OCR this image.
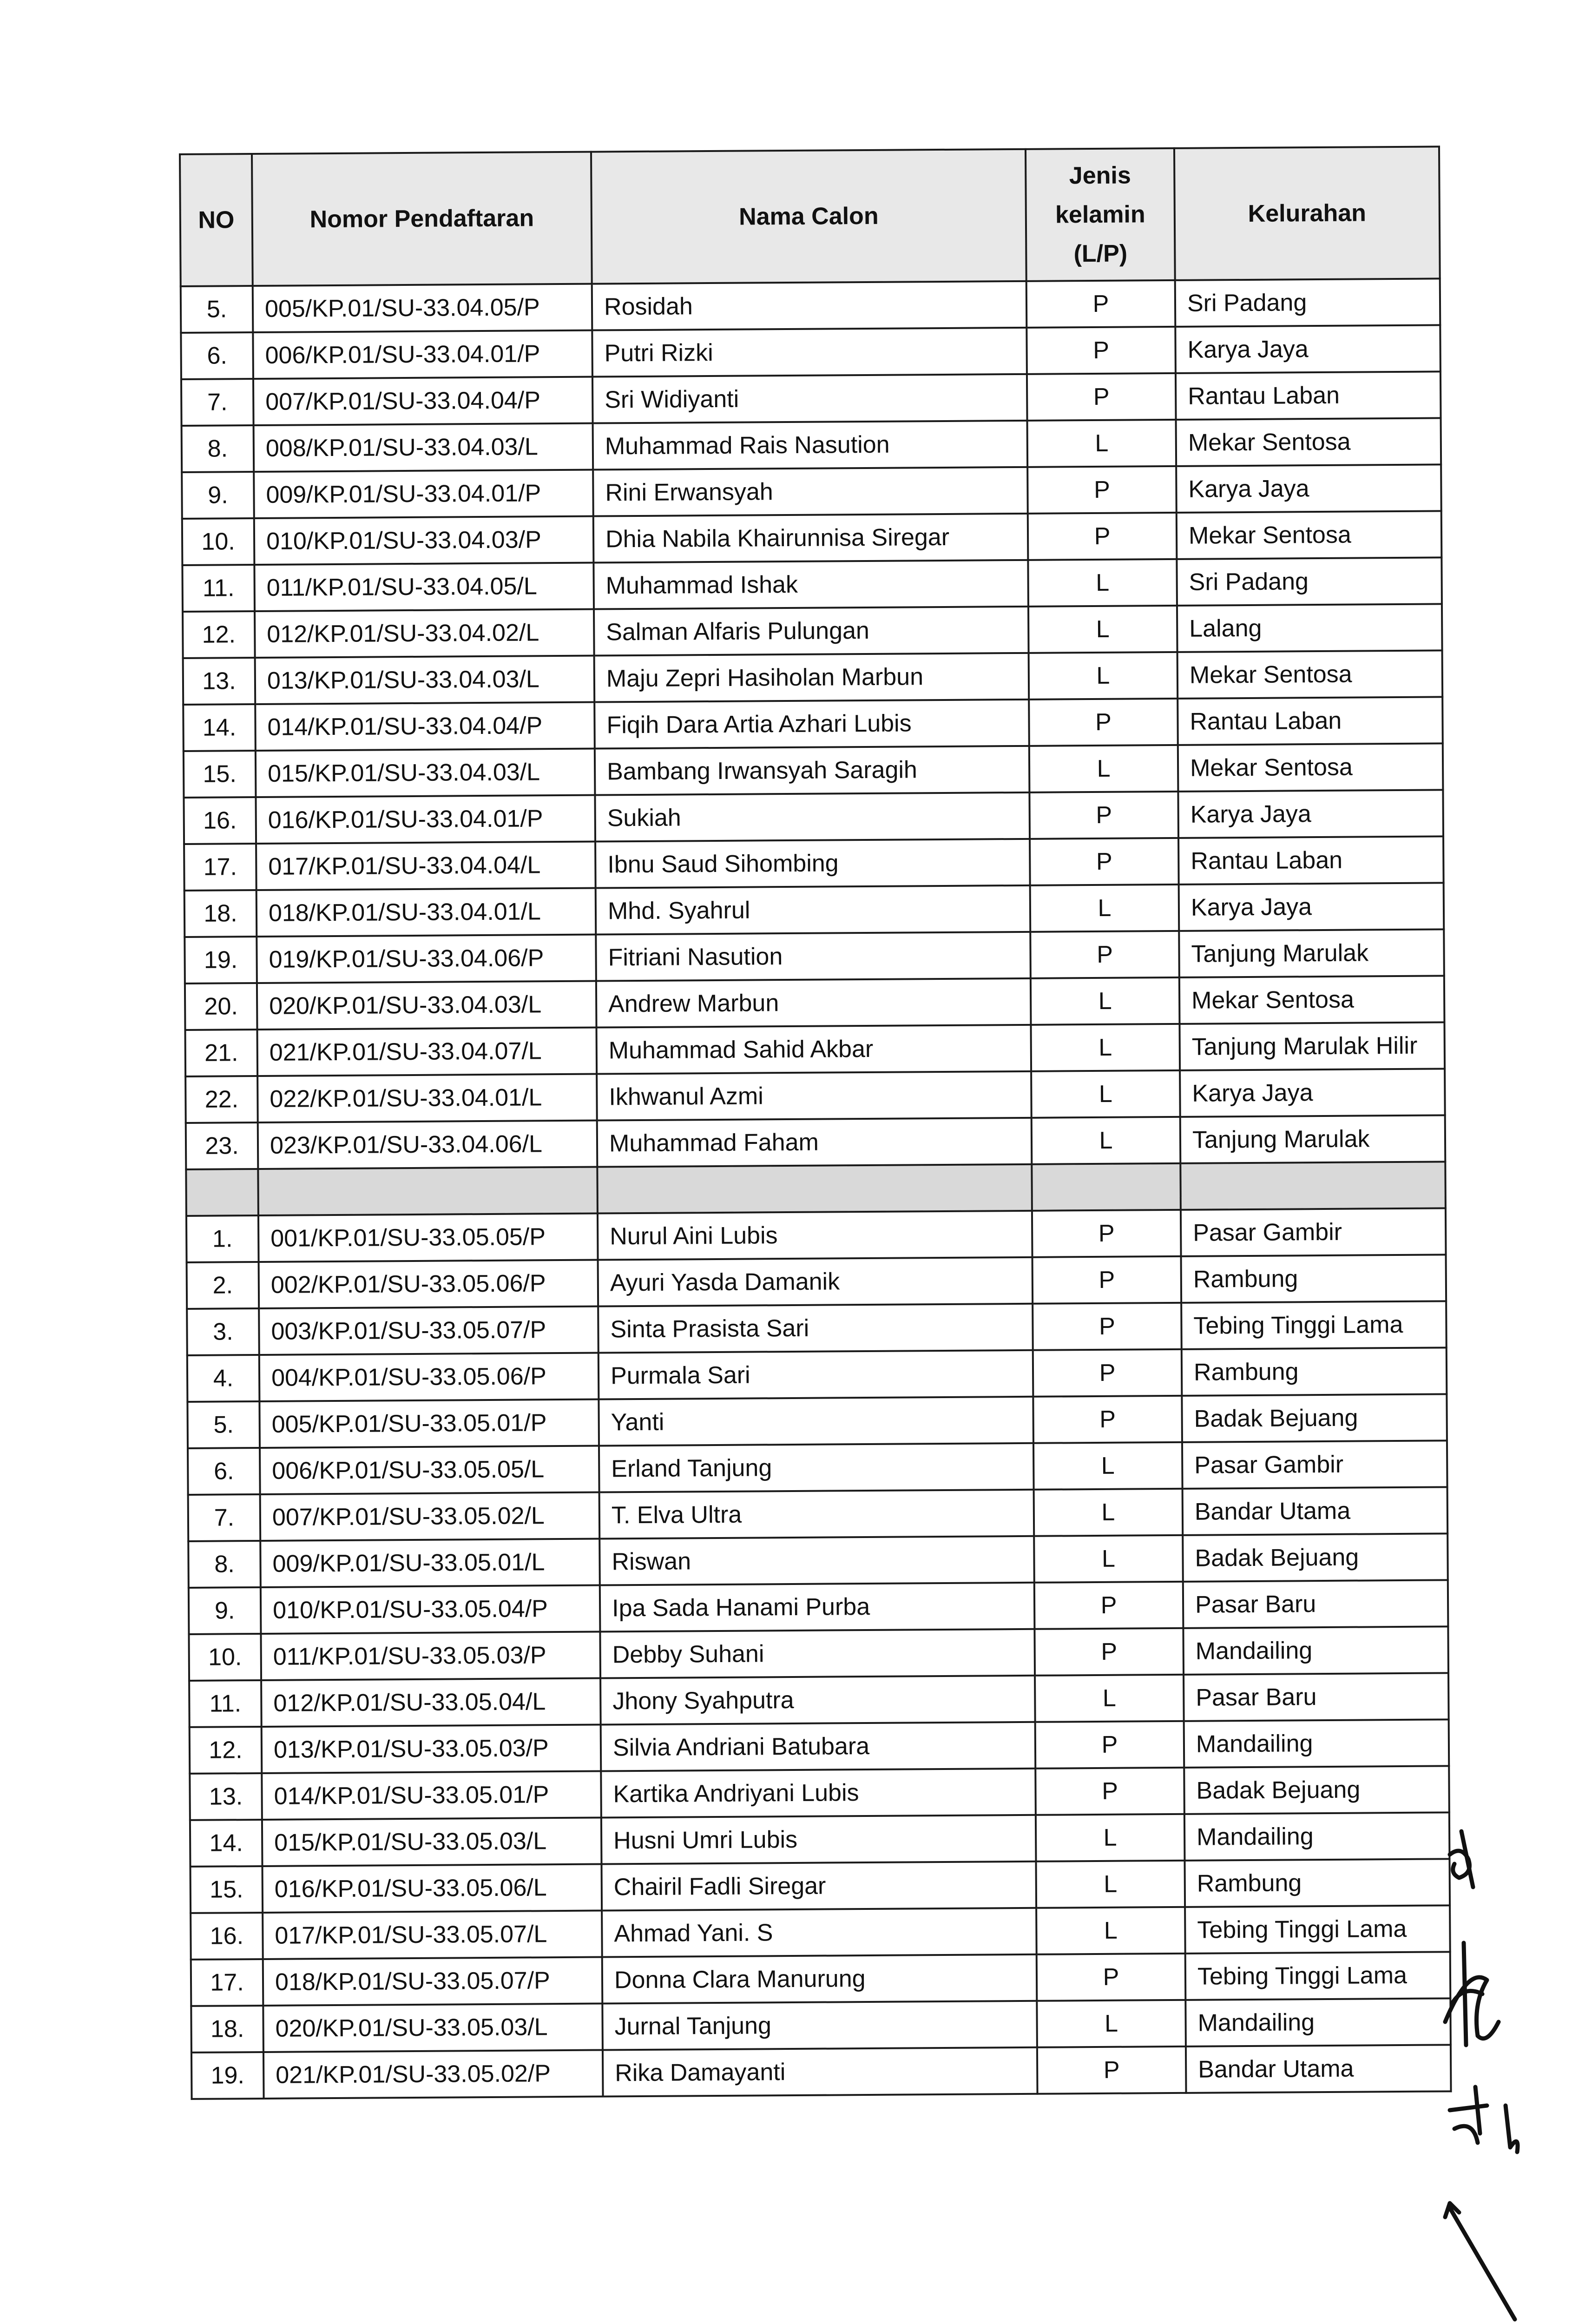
NO	Nomor Pendaftaran	Nama Calon	Jenis
kelamin
(L/P)	Kelurahan
5.	005/KP.01/SU-33.04.05/P	Rosidah	P	Sri Padang
6.	006/KP.01/SU-33.04.01/P	Putri Rizki	P	Karya Jaya
7.	007/KP.01/SU-33.04.04/P	Sri Widiyanti	P	Rantau Laban
8.	008/KP.01/SU-33.04.03/L	Muhammad Rais Nasution	L	Mekar Sentosa
9.	009/KP.01/SU-33.04.01/P	Rini Erwansyah	P	Karya Jaya
10.	010/KP.01/SU-33.04.03/P	Dhia Nabila Khairunnisa Siregar	P	Mekar Sentosa
11.	011/KP.01/SU-33.04.05/L	Muhammad Ishak	L	Sri Padang
12.	012/KP.01/SU-33.04.02/L	Salman Alfaris Pulungan	L	Lalang
13.	013/KP.01/SU-33.04.03/L	Maju Zepri Hasiholan Marbun	L	Mekar Sentosa
14.	014/KP.01/SU-33.04.04/P	Fiqih Dara Artia Azhari Lubis	P	Rantau Laban
15.	015/KP.01/SU-33.04.03/L	Bambang Irwansyah Saragih	L	Mekar Sentosa
16.	016/KP.01/SU-33.04.01/P	Sukiah	P	Karya Jaya
17.	017/KP.01/SU-33.04.04/L	Ibnu Saud Sihombing	P	Rantau Laban
18.	018/KP.01/SU-33.04.01/L	Mhd. Syahrul	L	Karya Jaya
19.	019/KP.01/SU-33.04.06/P	Fitriani Nasution	P	Tanjung Marulak
20.	020/KP.01/SU-33.04.03/L	Andrew Marbun	L	Mekar Sentosa
21.	021/KP.01/SU-33.04.07/L	Muhammad Sahid Akbar	L	Tanjung Marulak Hilir
22.	022/KP.01/SU-33.04.01/L	Ikhwanul Azmi	L	Karya Jaya
23.	023/KP.01/SU-33.04.06/L	Muhammad Faham	L	Tanjung Marulak

1.	001/KP.01/SU-33.05.05/P	Nurul Aini Lubis	P	Pasar Gambir
2.	002/KP.01/SU-33.05.06/P	Ayuri Yasda Damanik	P	Rambung
3.	003/KP.01/SU-33.05.07/P	Sinta Prasista Sari	P	Tebing Tinggi Lama
4.	004/KP.01/SU-33.05.06/P	Purmala Sari	P	Rambung
5.	005/KP.01/SU-33.05.01/P	Yanti	P	Badak Bejuang
6.	006/KP.01/SU-33.05.05/L	Erland Tanjung	L	Pasar Gambir
7.	007/KP.01/SU-33.05.02/L	T. Elva Ultra	L	Bandar Utama
8.	009/KP.01/SU-33.05.01/L	Riswan	L	Badak Bejuang
9.	010/KP.01/SU-33.05.04/P	Ipa Sada Hanami Purba	P	Pasar Baru
10.	011/KP.01/SU-33.05.03/P	Debby Suhani	P	Mandailing
11.	012/KP.01/SU-33.05.04/L	Jhony Syahputra	L	Pasar Baru
12.	013/KP.01/SU-33.05.03/P	Silvia Andriani Batubara	P	Mandailing
13.	014/KP.01/SU-33.05.01/P	Kartika Andriyani Lubis	P	Badak Bejuang
14.	015/KP.01/SU-33.05.03/L	Husni Umri Lubis	L	Mandailing
15.	016/KP.01/SU-33.05.06/L	Chairil Fadli Siregar	L	Rambung
16.	017/KP.01/SU-33.05.07/L	Ahmad Yani. S	L	Tebing Tinggi Lama
17.	018/KP.01/SU-33.05.07/P	Donna Clara Manurung	P	Tebing Tinggi Lama
18.	020/KP.01/SU-33.05.03/L	Jurnal Tanjung	L	Mandailing
19.	021/KP.01/SU-33.05.02/P	Rika Damayanti	P	Bandar Utama
